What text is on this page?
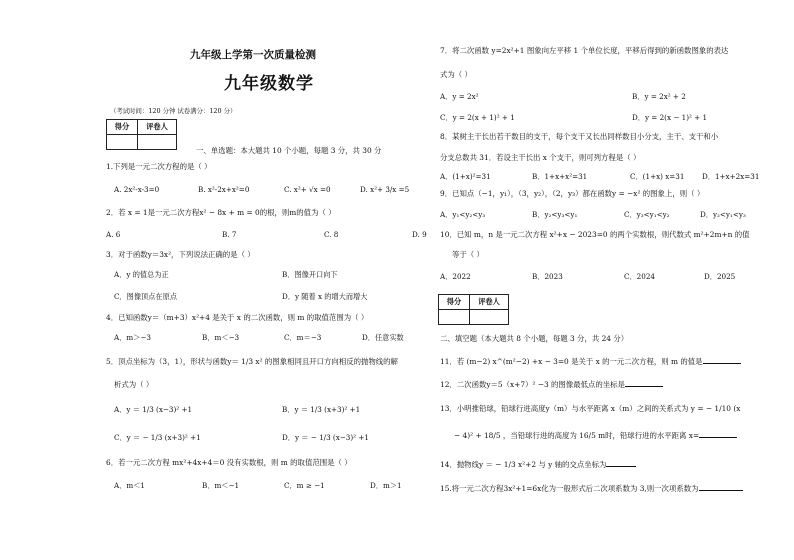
九年级上学第一次质量检测
九年级数学
（考试时间：120 分钟 试卷满分：120 分）
得分	评卷人

一、单选题：本大题共 10 个小题，每题 3 分，共 30 分
1.下列是一元二次方程的是（ ）
A. 2x²-x-3=0	B. x²-2x+x²=0	C. x²+ √x =0	D. x²+ 3/x =5
2．若 x = 1是一元二次方程x² − 8x + m = 0的根，则m的值为（ ）
A. 6	B. 7	C. 8	D. 9
3．对于函数y＝3x²，下列说法正确的是（ ）
A．y 的值总为正	B．图像开口向下
C．图像顶点在原点	D．y 随着 x 的增大而增大
4．已知函数y＝（m+3）x²+4 是关于 x 的二次函数，则 m 的取值范围为（ ）
A．m＞−3	B．m＜−3	C．m＝−3	D．任意实数
5．顶点坐标为（3，1），形状与函数y＝ 1/3 x² 的图象相同且开口方向相反的抛物线的解
析式为（ ）
A．y ＝ 1/3 (x−3)² +1	B．y ＝ 1/3 (x+3)² +1
C．y ＝ − 1/3 (x+3)² +1	D．y ＝ − 1/3 (x−3)² +1
6．若一元二次方程 mx²+4x+4＝0 没有实数根，则 m 的取值范围是（ ）
A．m＜1	B．m＜−1	C．m ≥ −1	D．m＞1
7．将二次函数 y=2x²+1 图象向左平移 1 个单位长度，平移后得到的新函数图象的表达
式为（ ）
A．y = 2x²	B．y = 2x² + 2
C．y = 2(x + 1)² + 1	D．y = 2(x − 1)² + 1
8．某树主干长出若干数目的支干，每个支干又长出同样数目小分支，主干、支干和小
分支总数共 31．若设主干长出 x 个支干，则可列方程是（ ）
A．(1+x)²=31	B．1+x+x²=31	C．(1+x) x=31 D．1+x+2x=31
9．已知点（−1，y₁），（3，y₂），（2，y₃）都在函数y = −x² 的图象上，则（ ）
A．y₁<y₂<y₃	B．y₂<y₃<y₁	C．y₃<y₁<y₂	D．y₂<y₁<y₃
10．已知 m，n 是一元二次方程 x²+x − 2023=0 的两个实数根，则代数式 m²+2m+n 的值
等于（ ）
A．2022	B．2023	C．2024	D．2025
得分	评卷人

二、填空题（本大题共 8 个小题，每题 3 分，共 24 分）
11．若 (m−2) x^(m²−2) +x − 3=0 是关于 x 的一元二次方程，则 m 的值是
12．二次函数y＝5（x+7）² −3 的图像最低点的坐标是
13．小明推铅球，铅球行进高度y（m）与水平距离 x（m）之间的关系式为 y = − 1/10 (x
− 4)² + 18/5 ，当铅球行进的高度为 16/5 m时，铅球行进的水平距离 x=
14．抛物线y ＝ − 1/3 x²+2 与 y 轴的交点坐标为
15.将一元二次方程3x²+1=6x化为一般形式后二次项系数为 3,则一次项系数为
